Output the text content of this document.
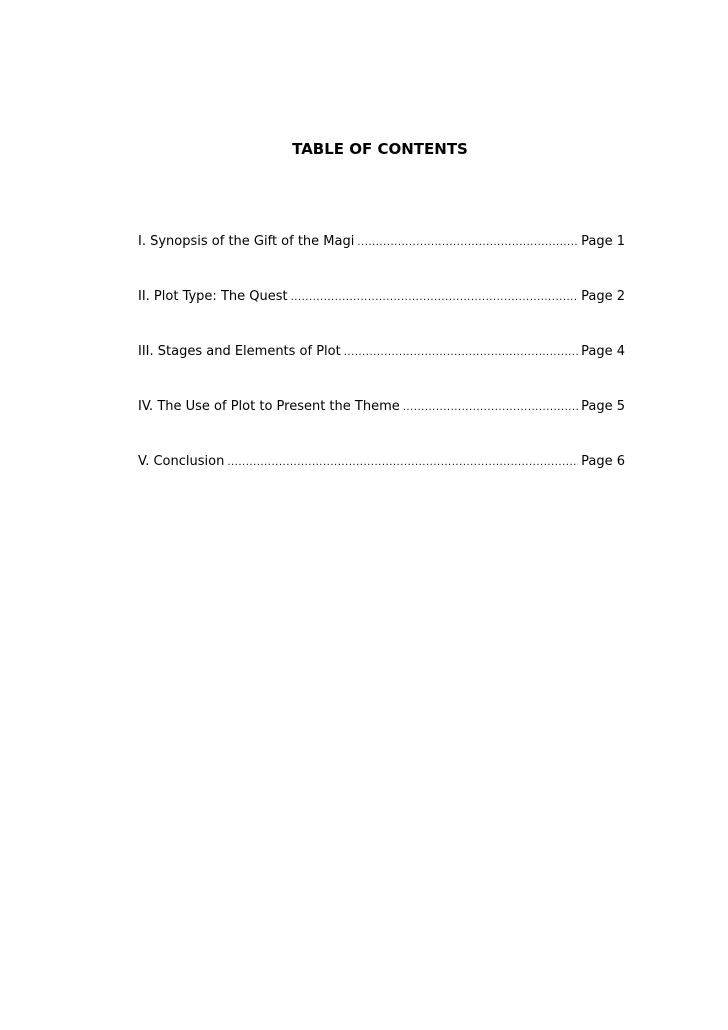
TABLE OF CONTENTS
I. Synopsis of the Gift of the Magi .....	Page 1
II. Plot Type: The Quest .....	Page 2
III. Stages and Elements of Plot .....	Page 4
IV. The Use of Plot to Present the Theme .....	Page 5
V. Conclusion .....	Page 6
